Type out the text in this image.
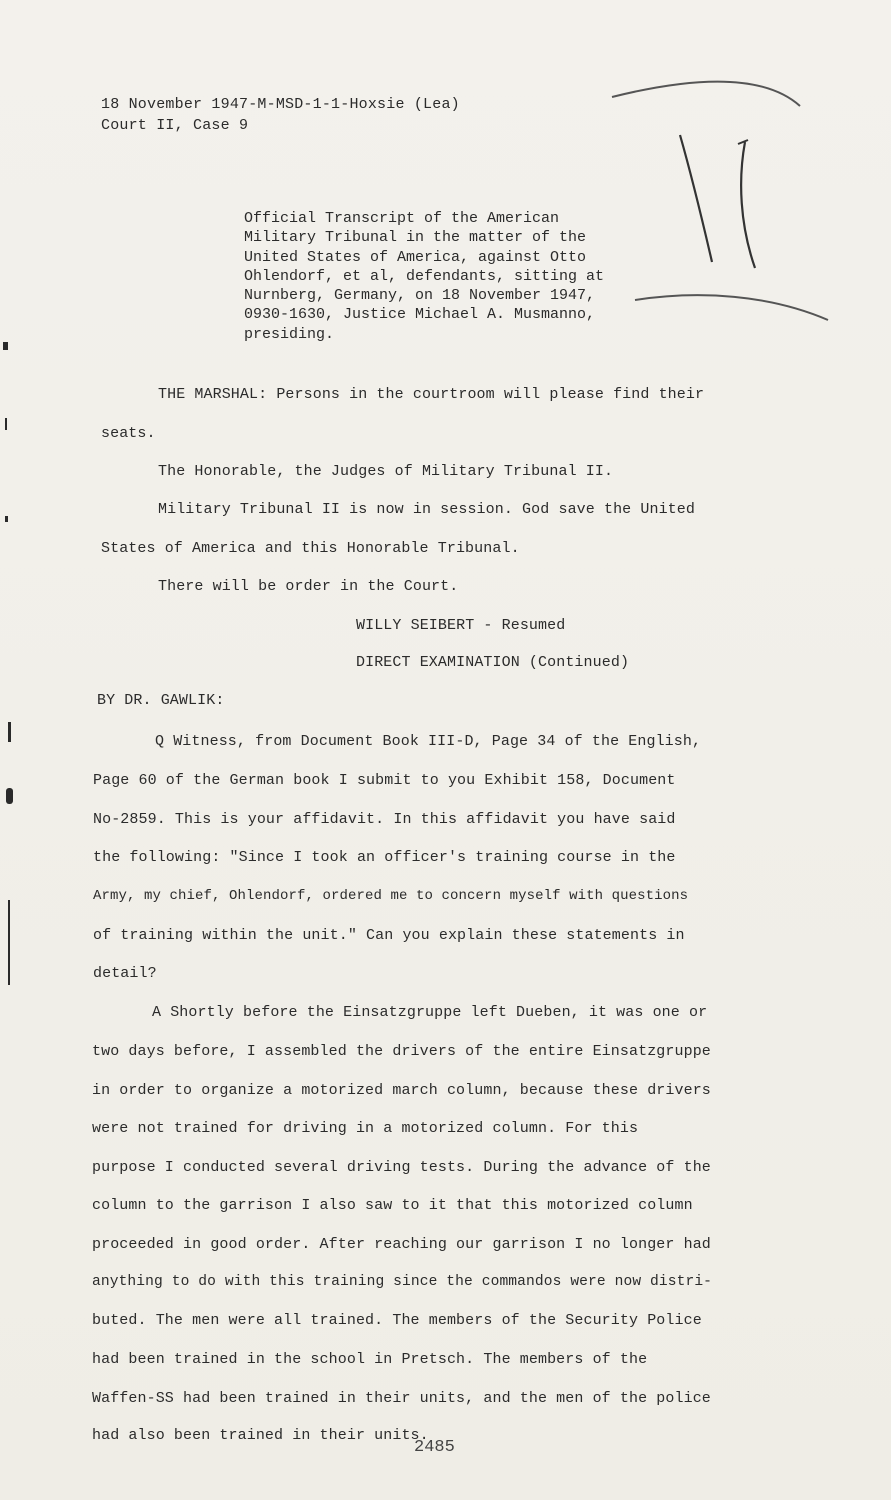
18 November 1947-M-MSD-1-1-Hoxsie (Lea)
Court II, Case 9
Official Transcript of the American
Military Tribunal in the matter of the
United States of America, against Otto
Ohlendorf, et al, defendants, sitting at
Nurnberg, Germany, on 18 November 1947,
0930-1630, Justice Michael A. Musmanno,
presiding.
THE MARSHAL: Persons in the courtroom will please find their
seats.
The Honorable, the Judges of Military Tribunal II.
Military Tribunal II is now in session. God save the United
States of America and this Honorable Tribunal.
There will be order in the Court.
WILLY SEIBERT - Resumed
DIRECT EXAMINATION (Continued)
BY DR. GAWLIK:
Q Witness, from Document Book III-D, Page 34 of the English,
Page 60 of the German book I submit to you Exhibit 158, Document
No-2859. This is your affidavit. In this affidavit you have said
the following: "Since I took an officer's training course in the
Army, my chief, Ohlendorf, ordered me to concern myself with questions
of training within the unit." Can you explain these statements in
detail?
A Shortly before the Einsatzgruppe left Dueben, it was one or
two days before, I assembled the drivers of the entire Einsatzgruppe
in order to organize a motorized march column, because these drivers
were not trained for driving in a motorized column. For this
purpose I conducted several driving tests. During the advance of the
column to the garrison I also saw to it that this motorized column
proceeded in good order. After reaching our garrison I no longer had
anything to do with this training since the commandos were now distri-
buted. The men were all trained. The members of the Security Police
had been trained in the school in Pretsch. The members of the
Waffen-SS had been trained in their units, and the men of the police
had also been trained in their units.
2485
